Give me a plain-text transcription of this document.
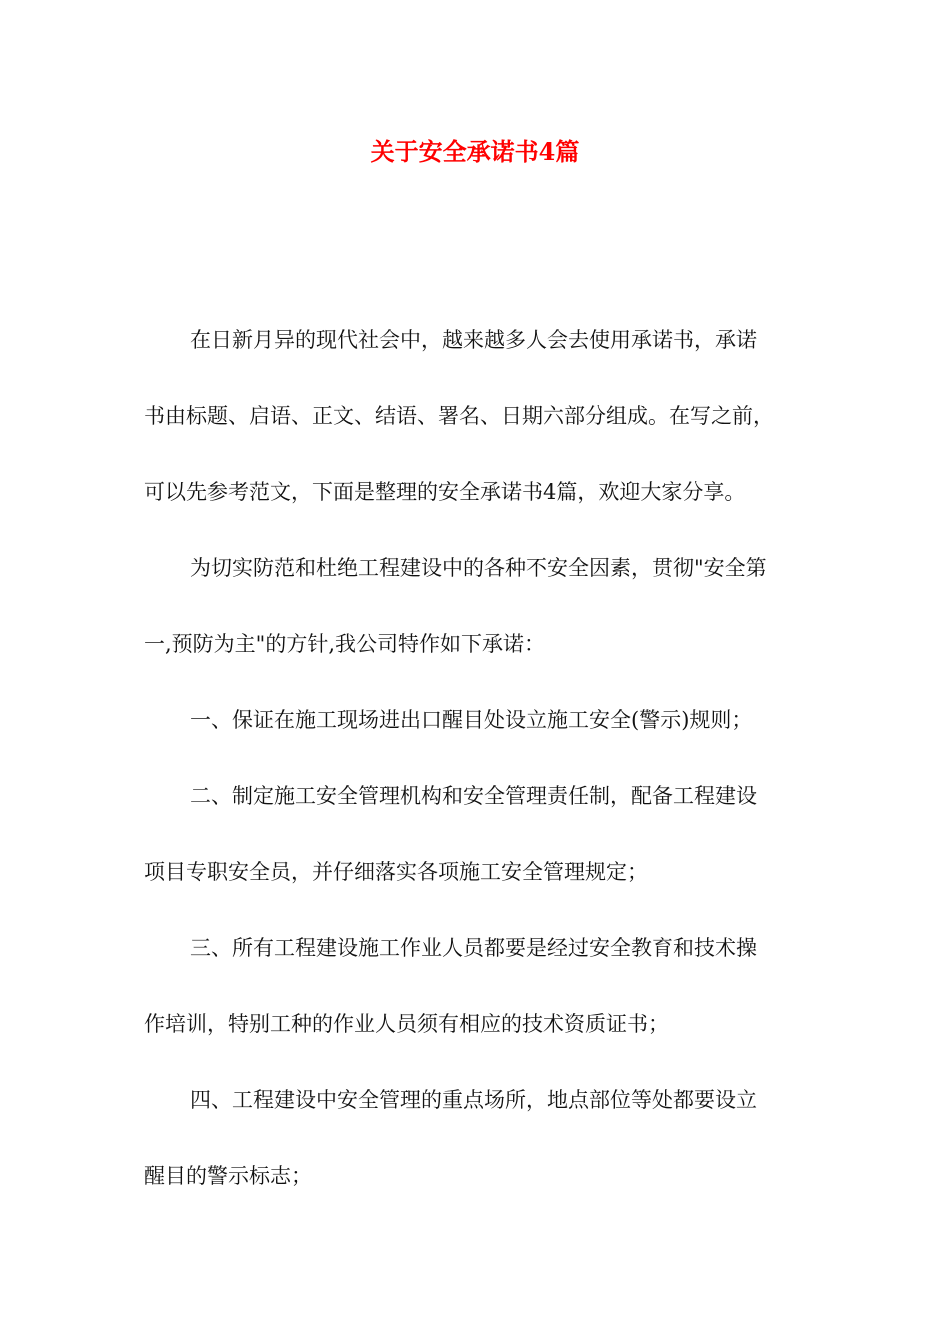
关于安全承诺书4篇
在日新月异的现代社会中，越来越多人会去使用承诺书，承诺
书由标题、启语、正文、结语、署名、日期六部分组成。在写之前，
可以先参考范文，下面是整理的安全承诺书4篇，欢迎大家分享。
为切实防范和杜绝工程建设中的各种不安全因素，贯彻"安全第
一,预防为主"的方针,我公司特作如下承诺：
一、保证在施工现场进出口醒目处设立施工安全(警示)规则；
二、制定施工安全管理机构和安全管理责任制，配备工程建设
项目专职安全员，并仔细落实各项施工安全管理规定；
三、所有工程建设施工作业人员都要是经过安全教育和技术操
作培训，特别工种的作业人员须有相应的技术资质证书；
四、工程建设中安全管理的重点场所，地点部位等处都要设立
醒目的警示标志；
